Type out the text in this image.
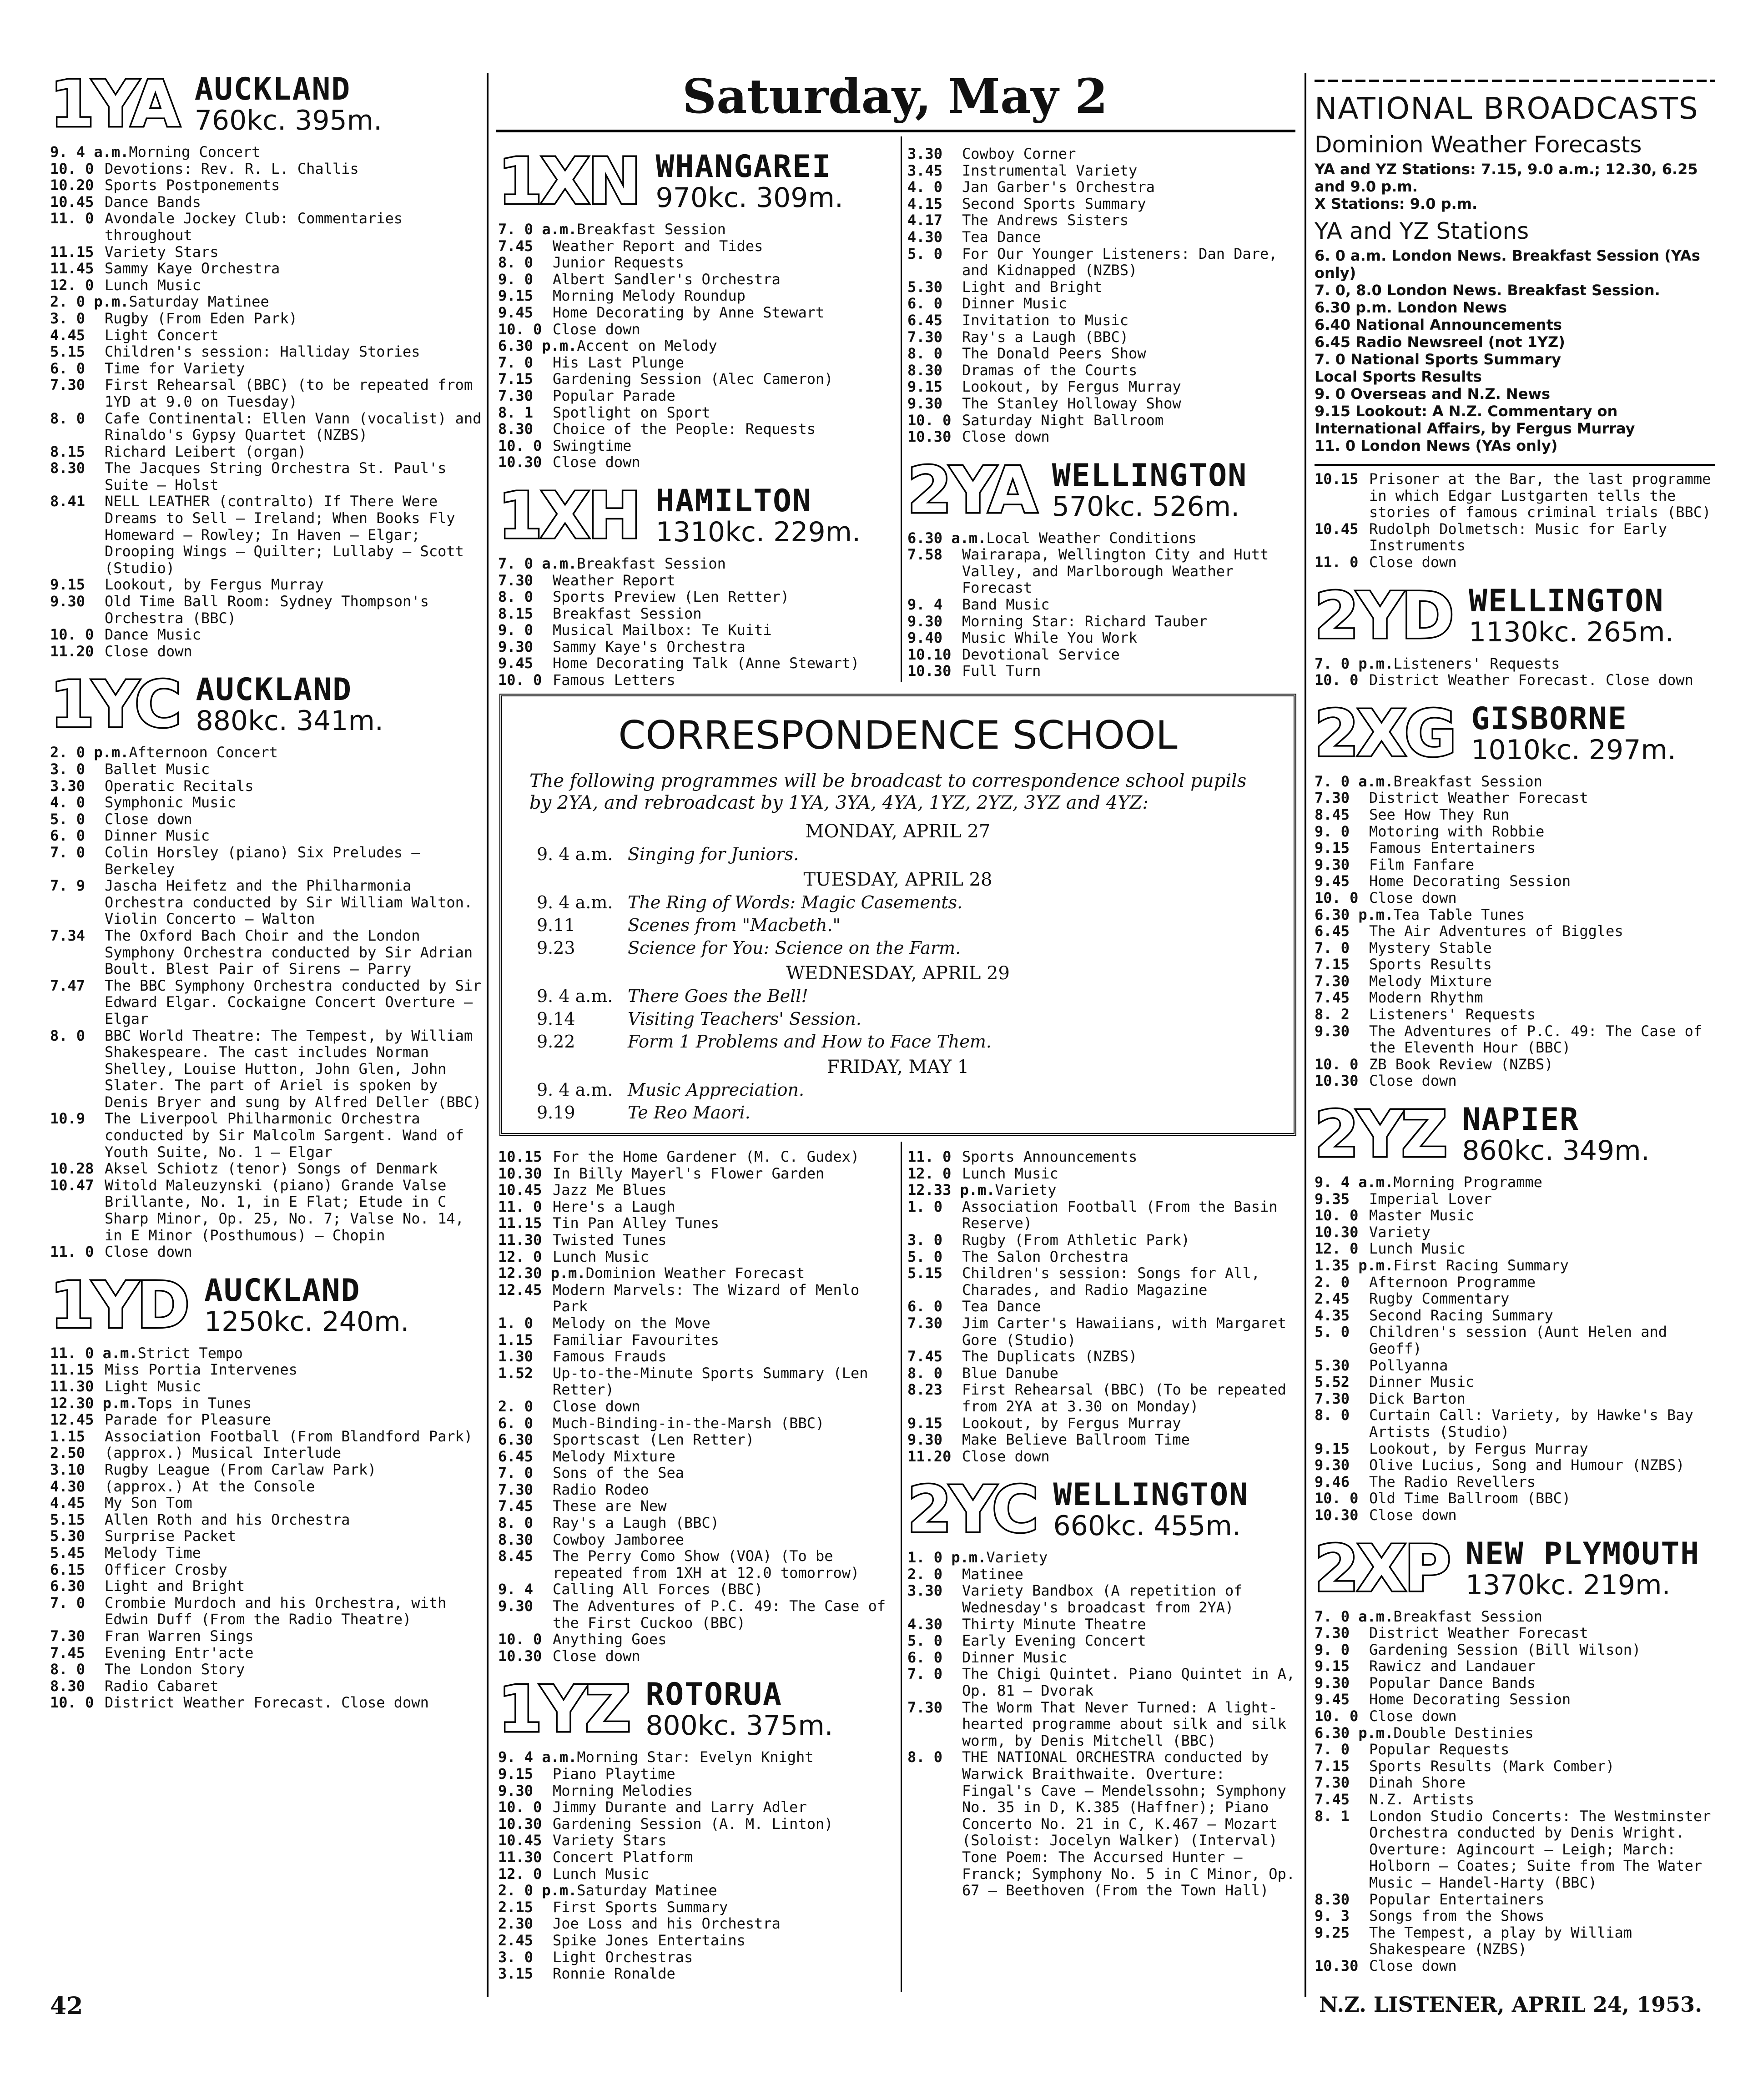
Saturday, May 2
1YA AUCKLAND
760kc. 395m.
9. 4 a.m. Morning Concert
10. 0 Devotions: Rev. R. L. Challis
10.20 Sports Postponements
10.45 Dance Bands
11. 0 Avondale Jockey Club: Commentaries throughout
11.15 Variety Stars
11.45 Sammy Kaye Orchestra
12. 0 Lunch Music
2. 0 p.m. Saturday Matinee
3. 0	Rugby (From Eden Park)
4.45	Light Concert
5.15	Children's session: Halliday Stories
6. 0	Time for Variety
7.30	First Rehearsal (BBC) (to be repeated from 1YD at 9.0 on Tuesday)
8. 0	Cafe Continental: Ellen Vann (vocalist) and Rinaldo's Gypsy Quartet (NZBS)
8.15	Richard Leibert (organ)
8.30	The Jacques String Orchestra St. Paul's Suite — Holst
8.41	NELL LEATHER (contralto) If There Were Dreams to Sell — Ireland; When Books Fly Homeward — Rowley; In Haven — Elgar; Drooping Wings — Quilter; Lullaby — Scott (Studio)
9.15	Lookout, by Fergus Murray
9.30	Old Time Ball Room: Sydney Thompson's Orchestra (BBC)
10. 0 Dance Music
11.20 Close down
1YC AUCKLAND
880kc. 341m.
2. 0 p.m. Afternoon Concert
3. 0	Ballet Music
3.30	Operatic Recitals
4. 0	Symphonic Music
5. 0	Close down
6. 0	Dinner Music
7. 0	Colin Horsley (piano) Six Preludes — Berkeley
7. 9	Jascha Heifetz and the Philharmonia Orchestra conducted by Sir William Walton. Violin Concerto — Walton
7.34	The Oxford Bach Choir and the London Symphony Orchestra conducted by Sir Adrian Boult. Blest Pair of Sirens — Parry
7.47	The BBC Symphony Orchestra conducted by Sir Edward Elgar. Cockaigne Concert Overture — Elgar
8. 0	BBC World Theatre: The Tempest, by William Shakespeare. The cast includes Norman Shelley, Louise Hutton, John Glen, John Slater. The part of Ariel is spoken by Denis Bryer and sung by Alfred Deller (BBC)
10.9	The Liverpool Philharmonic Orchestra conducted by Sir Malcolm Sargent. Wand of Youth Suite, No. 1 — Elgar
10.28 Aksel Schiotz (tenor) Songs of Denmark
10.47 Witold Maleuzynski (piano) Grande Valse Brillante, No. 1, in E Flat; Etude in C Sharp Minor, Op. 25, No. 7; Valse No. 14, in E Minor (Posthumous) — Chopin
11. 0 Close down
1YD AUCKLAND
1250kc. 240m.
11. 0 a.m. Strict Tempo
11.15 Miss Portia Intervenes
11.30 Light Music
12.30 p.m. Tops in Tunes
12.45 Parade for Pleasure
1.15	Association Football (From Blandford Park)
2.50	(approx.) Musical Interlude
3.10	Rugby League (From Carlaw Park)
4.30	(approx.) At the Console
4.45	My Son Tom
5.15	Allen Roth and his Orchestra
5.30	Surprise Packet
5.45	Melody Time
6.15	Officer Crosby
6.30	Light and Bright
7. 0	Crombie Murdoch and his Orchestra, with Edwin Duff (From the Radio Theatre)
7.30	Fran Warren Sings
7.45	Evening Entr'acte
8. 0	The London Story
8.30	Radio Cabaret
10. 0 District Weather Forecast. Close down
1XN WHANGAREI
970kc. 309m.
7. 0 a.m. Breakfast Session
7.45	Weather Report and Tides
8. 0	Junior Requests
9. 0	Albert Sandler's Orchestra
9.15	Morning Melody Roundup
9.45	Home Decorating by Anne Stewart
10. 0 Close down
6.30 p.m. Accent on Melody
7. 0	His Last Plunge
7.15	Gardening Session (Alec Cameron)
7.30	Popular Parade
8. 1	Spotlight on Sport
8.30	Choice of the People: Requests
10. 0 Swingtime
10.30 Close down
1XH HAMILTON
1310kc. 229m.
7. 0 a.m. Breakfast Session
7.30	Weather Report
8. 0	Sports Preview (Len Retter)
8.15	Breakfast Session
9. 0	Musical Mailbox: Te Kuiti
9.30	Sammy Kaye's Orchestra
9.45	Home Decorating Talk (Anne Stewart)
10. 0 Famous Letters
3.30	Cowboy Corner
3.45	Instrumental Variety
4. 0	Jan Garber's Orchestra
4.15	Second Sports Summary
4.17	The Andrews Sisters
4.30	Tea Dance
5. 0	For Our Younger Listeners: Dan Dare, and Kidnapped (NZBS)
5.30	Light and Bright
6. 0	Dinner Music
6.45	Invitation to Music
7.30	Ray's a Laugh (BBC)
8. 0	The Donald Peers Show
8.30	Dramas of the Courts
9.15	Lookout, by Fergus Murray
9.30	The Stanley Holloway Show
10. 0 Saturday Night Ballroom
10.30 Close down
2YA WELLINGTON
570kc. 526m.
6.30 a.m. Local Weather Conditions
7.58	Wairarapa, Wellington City and Hutt Valley, and Marlborough Weather Forecast
9. 4	Band Music
9.30	Morning Star: Richard Tauber
9.40	Music While You Work
10.10 Devotional Service
10.30 Full Turn
CORRESPONDENCE SCHOOL

The following programmes will be broadcast to correspondence school pupils by 2YA, and rebroadcast by 1YA, 3YA, 4YA, 1YZ, 2YZ, 3YZ and 4YZ:

MONDAY, APRIL 27
9. 4 a.m. Singing for Juniors.
TUESDAY, APRIL 28
9. 4 a.m. The Ring of Words: Magic Casements.
9.11	Scenes from "Macbeth."
9.23	Science for You: Science on the Farm.
WEDNESDAY, APRIL 29
9. 4 a.m. There Goes the Bell!
9.14	Visiting Teachers' Session.
9.22	Form 1 Problems and How to Face Them.
FRIDAY, MAY 1
9. 4 a.m. Music Appreciation.
9.19	Te Reo Maori.
10.15 For the Home Gardener (M. C. Gudex)
10.30 In Billy Mayerl's Flower Garden
10.45 Jazz Me Blues
11. 0 Here's a Laugh
11.15 Tin Pan Alley Tunes
11.30 Twisted Tunes
12. 0 Lunch Music
12.30 p.m. Dominion Weather Forecast
12.45 Modern Marvels: The Wizard of Menlo Park
1. 0	Melody on the Move
1.15	Familiar Favourites
1.30	Famous Frauds
1.52	Up-to-the-Minute Sports Summary (Len Retter)
2. 0	Close down
6. 0	Much-Binding-in-the-Marsh (BBC)
6.30	Sportscast (Len Retter)
6.45	Melody Mixture
7. 0	Sons of the Sea
7.30	Radio Rodeo
7.45	These are New
8. 0	Ray's a Laugh (BBC)
8.30	Cowboy Jamboree
8.45	The Perry Como Show (VOA) (To be repeated from 1XH at 12.0 tomorrow)
9. 4	Calling All Forces (BBC)
9.30	The Adventures of P.C. 49: The Case of the First Cuckoo (BBC)
10. 0 Anything Goes
10.30 Close down
1YZ ROTORUA
800kc. 375m.
9. 4 a.m. Morning Star: Evelyn Knight
9.15	Piano Playtime
9.30	Morning Melodies
10. 0 Jimmy Durante and Larry Adler
10.30 Gardening Session (A. M. Linton)
10.45 Variety Stars
11.30 Concert Platform
12. 0 Lunch Music
2. 0 p.m. Saturday Matinee
2.15	First Sports Summary
2.30	Joe Loss and his Orchestra
2.45	Spike Jones Entertains
3. 0	Light Orchestras
3.15	Ronnie Ronalde
11. 0 Sports Announcements
12. 0 Lunch Music
12.33 p.m. Variety
1. 0	Association Football (From the Basin Reserve)
3. 0	Rugby (From Athletic Park)
5. 0	The Salon Orchestra
5.15	Children's session: Songs for All, Charades, and Radio Magazine
6. 0	Tea Dance
7.30	Jim Carter's Hawaiians, with Margaret Gore (Studio)
7.45	The Duplicats (NZBS)
8. 0	Blue Danube
8.23	First Rehearsal (BBC) (To be repeated from 2YA at 3.30 on Monday)
9.15	Lookout, by Fergus Murray
9.30	Make Believe Ballroom Time
11.20 Close down
2YC WELLINGTON
660kc. 455m.
1. 0 p.m. Variety
2. 0	Matinee
3.30	Variety Bandbox (A repetition of Wednesday's broadcast from 2YA)
4.30	Thirty Minute Theatre
5. 0	Early Evening Concert
6. 0	Dinner Music
7. 0	The Chigi Quintet. Piano Quintet in A, Op. 81 — Dvorak
7.30	The Worm That Never Turned: A light-hearted programme about silk and silk worm, by Denis Mitchell (BBC)
8. 0	THE NATIONAL ORCHESTRA conducted by Warwick Braithwaite. Overture: Fingal's Cave — Mendelssohn; Symphony No. 35 in D, K.385 (Haffner); Piano Concerto No. 21 in C, K.467 — Mozart (Soloist: Jocelyn Walker) (Interval) Tone Poem: The Accursed Hunter — Franck; Symphony No. 5 in C Minor, Op. 67 — Beethoven (From the Town Hall)
NATIONAL BROADCASTS
Dominion Weather Forecasts
YA and YZ Stations: 7.15, 9.0 a.m.; 12.30, 6.25 and 9.0 p.m.
X Stations: 9.0 p.m.
YA and YZ Stations
6. 0 a.m. London News. Breakfast Session (YAs only)
7. 0, 8.0 London News. Breakfast Session.
6.30 p.m. London News
6.40 National Announcements
6.45 Radio Newsreel (not 1YZ)
7. 0 National Sports Summary
Local Sports Results
9. 0 Overseas and N.Z. News
9.15 Lookout: A N.Z. Commentary on International Affairs, by Fergus Murray
11. 0 London News (YAs only)
10.15 Prisoner at the Bar, the last programme in which Edgar Lustgarten tells the stories of famous criminal trials (BBC)
10.45 Rudolph Dolmetsch: Music for Early Instruments
11. 0 Close down
2YD WELLINGTON
1130kc. 265m.
7. 0 p.m. Listeners' Requests
10. 0 District Weather Forecast. Close down
2XG GISBORNE
1010kc. 297m.
7. 0 a.m. Breakfast Session
7.30	District Weather Forecast
8.45	See How They Run
9. 0	Motoring with Robbie
9.15	Famous Entertainers
9.30	Film Fanfare
9.45	Home Decorating Session
10. 0 Close down
6.30 p.m. Tea Table Tunes
6.45	The Air Adventures of Biggles
7. 0	Mystery Stable
7.15	Sports Results
7.30	Melody Mixture
7.45	Modern Rhythm
8. 2	Listeners' Requests
9.30	The Adventures of P.C. 49: The Case of the Eleventh Hour (BBC)
10. 0 ZB Book Review (NZBS)
10.30 Close down
2YZ NAPIER
860kc. 349m.
9. 4 a.m. Morning Programme
9.35	Imperial Lover
10. 0 Master Music
10.30 Variety
12. 0 Lunch Music
1.35 p.m. First Racing Summary
2. 0	Afternoon Programme
2.45	Rugby Commentary
4.35	Second Racing Summary
5. 0	Children's session (Aunt Helen and Geoff)
5.30	Pollyanna
5.52	Dinner Music
7.30	Dick Barton
8. 0	Curtain Call: Variety, by Hawke's Bay Artists (Studio)
9.15	Lookout, by Fergus Murray
9.30	Olive Lucius, Song and Humour (NZBS)
9.46	The Radio Revellers
10. 0 Old Time Ballroom (BBC)
10.30 Close down
2XP NEW PLYMOUTH
1370kc. 219m.
7. 0 a.m. Breakfast Session
7.30	District Weather Forecast
9. 0	Gardening Session (Bill Wilson)
9.15	Rawicz and Landauer
9.30	Popular Dance Bands
9.45	Home Decorating Session
10. 0 Close down
6.30 p.m. Double Destinies
7. 0	Popular Requests
7.15	Sports Results (Mark Comber)
7.30	Dinah Shore
7.45	N.Z. Artists
8. 1	London Studio Concerts: The Westminster Orchestra conducted by Denis Wright. Overture: Agincourt — Leigh; March: Holborn — Coates; Suite from The Water Music — Handel-Harty (BBC)
8.30	Popular Entertainers
9. 3	Songs from the Shows
9.25	The Tempest, a play by William Shakespeare (NZBS)
10.30 Close down
42	N.Z. LISTENER, APRIL 24, 1953.
